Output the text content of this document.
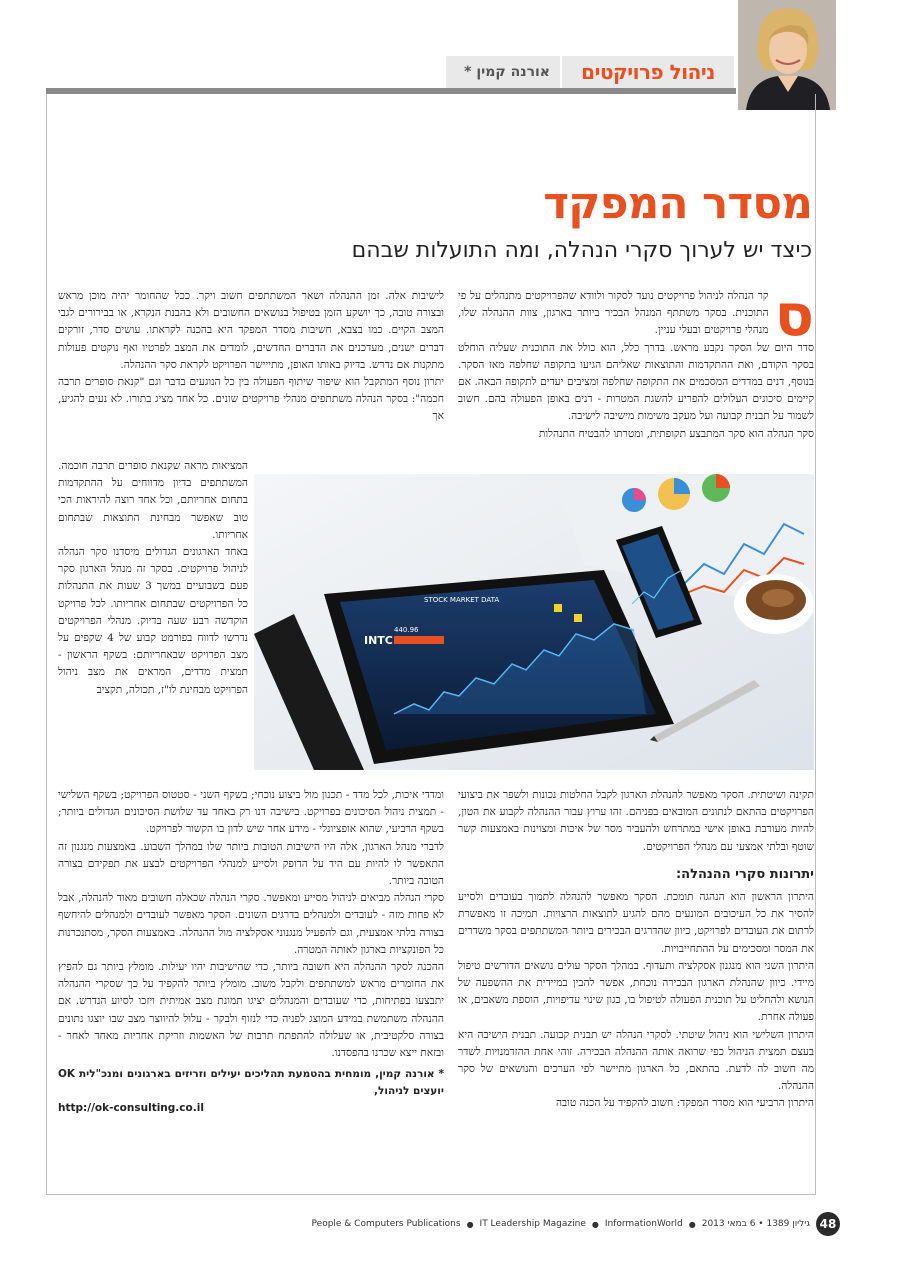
אורנה קמין * ניהול פרויקטים
מסדר המפקד
כיצד יש לערוך סקרי הנהלה, ומה התועלות שבהם

ס
קר הנהלה לניהול פרויקטים נועד לסקור ולוודא שהפרויקטים מתנהלים על פי התוכנית. בסקר משתתף המנהל הבכיר ביותר בארגון, צוות ההנהלה שלו, מנהלי פרויקטים ובעלי עניין.

סדר היום של הסקר נקבע מראש. בדרך כלל, הוא כולל את התוכנית שעליה הוחלט בסקר הקודם, ואת ההתקדמות והתוצאות שאליהם הגיעו בתקופה שחלפה מאז הסקר. בנוסף, דנים במדדים המסכמים את התקופה שחלפה ומציבים יעדים לתקופה הבאה. אם קיימים סיכונים העלולים להפריע להשגת המטרות - דנים באופן הפעולה בהם. חשוב לשמור על תבנית קבועה ועל מעקב משימות מישיבה לישיבה.

סקר הנהלה הוא סקר המתבצע תקופתית, ומטרתו להבטיח התנהלות

לישיבות אלה. זמן ההנהלה ושאר המשתתפים חשוב ויקר. ככל שהחומר יהיה מוכן מראש ובצורה טובה, כך יושקע הזמן בטיפול בנושאים החשובים ולא בהבנת הנקרא, או בבירורים לגבי המצב הקיים. כמו בצבא, חשיבות מסדר המפקד היא בהכנה לקראתו. עושים סדר, זורקים דברים ישנים, מעדכנים את הדברים החדשים, לומדים את המצב לפרטיו ואף נוקטים פעולות מתקנות אם נדרש. בדיוק באותו האופן, מתייישר הפרויקט לקראת סקר ההנהלה.

יתרון נוסף המתקבל הוא שיפור שיתוף הפעולה בין כל הנוגעים בדבר וגם "קנאת סופרים תרבה חכמה": בסקר הנהלה משתתפים מנהלי פרויקטים שונים. כל אחד מציג בתורו. לא נעים להגיע, אך

המציאות מראה שקנאת סופרים תרבה חוכמה. המשתתפים בדיון מדווחים על ההתקדמות בתחום אחריותם, וכל אחד רוצה להיראות הכי טוב שאפשר מבחינת התוצאות שבתחום אחריותו.

באחד הארגונים הגדולים מיסדנו סקר הנהלה לניהול פרויקטים. בסקר זה מנהל הארגון סקר פעם בשבועיים במשך 3 שעות את התנהלות כל הפרויקטים שבתחום אחריותו. לכל פרויקט הוקדשה רבע שעה בדיוק. מנהלי הפרויקטים נדרשו לדווח בפורמט קבוע של 4 שקפים על מצב הפרויקט שבאחריותם: בשקף הראשון - תמצית מדדים, המראים את מצב ניהול הפרויקט מבחינת לו"ז, תכולה, תקציב

STOCK MARKET DATA
INTC
440.96

תקינה ושיטתית. הסקר מאפשר להנהלת הארגון לקבל החלטות נכונות ולשפר את ביצועי הפרויקטים בהתאם לנתונים המובאים בפניהם. זהו ערוץ עבור ההנהלה לקבוע את הטון, להיות מעורבת באופן אישי במתרחש ולהעביר מסר של איכות ומצוינות באמצעות קשר שוטף ובלתי אמצעי עם מנהלי הפרויקטים.

יתרונות סקרי ההנהלה:

היתרון הראשון הוא הנהגה תומכת. הסקר מאפשר להנהלה לתמוך בעובדים ולסייע להסיר את כל העיכובים המונעים מהם להגיע לתוצאות הרצויות. תמיכה זו מאפשרת לרתום את העובדים לפרויקט, כיוון שהדרגים הבכירים ביותר המשתתפים בסקר משדרים את המסר ומסכימים על ההתחייבויות.

היתרון השני הוא מנגנון אסקלציה ותעדוף. במהלך הסקר עולים נושאים הדורשים טיפול מיידי. כיוון שהנהלת הארגון הבכירה נוכחת, אפשר להבין במיידית את ההשפעה של הנושא ולהחליט על תוכנית הפעולה לטיפול בו, כגון שינוי עדיפויות, הוספת משאבים, או פעולה אחרת.

היתרון השלישי הוא ניהול שיטתי. לסקרי הנהלה יש תבנית קבועה. תבנית הישיבה היא בעצם תמצית הניהול כפי שרואה אותה ההנהלה הבכירה. זוהי אחת ההזדמנויות לשדר מה חשוב לה לדעת. בהתאם, כל הארגון מתיישר לפי הערכים והנושאים של סקר ההנהלה.

היתרון הרביעי הוא מסדר המפקד: חשוב להקפיד על הכנה טובה

ומדדי איכות, לכל מדד - תכנון מול ביצוע נוכחי; בשקף השני - סטטוס הפרויקט; בשקף השלישי - תמצית ניהול הסיכונים בפרויקט. בישיבה דנו רק באחד עד שלושת הסיכונים הגדולים ביותר; בשקף הרביעי, שהוא אופציונלי - מידע אחר שיש לדון בו הקשור לפרויקט.

לדברי מנהל הארגון, אלה היו הישיבות הטובות ביותר שלו במהלך השבוע. באמצעות מנגנון זה התאפשר לו להיות עם היד על הדופק ולסייע למנהלי הפרויקטים לבצע את תפקידם בצורה הטובה ביותר.

סקרי הנהלה מביאים לניהול מסייע ומאפשר. סקרי הנהלה שכאלה חשובים מאוד להנהלה, אבל לא פחות מזה - לעובדים ולמנהלים בדרגים השונים. הסקר מאפשר לעובדים ולמנהלים להיחשף בצורה בלתי אמצעית, וגם להפעיל מנגנוני אסקלציה מול ההנהלה. באמצעות הסקר, מסתנכרנות כל הפונקציות בארגון לאותה המטרה.

ההכנה לסקר ההנהלה היא חשובה ביותר, כדי שהישיבות יהיו יעילות. מומלץ ביותר גם להפיץ את החומרים מראש למשתתפים ולקבל משוב. מומלץ ביותר להקפיד על כך שסקרי ההנהלה יתבצעו בפתיחות, כדי שעובדים והמנהלים יציגו תמונת מצב אמיתית ויזכו לסיוע הנדרש. אם ההנהלה משתמשת במידע המוצג לפניה כדי לנזוף ולבקר - עלול להיווצר מצב שבו יוצגו נתונים בצורה סלקטיבית, או שעלולה להתפתח תרבות של האשמות וזריקת אחריות מאחד לאחר - ובזאת ייצא שכרנו בהפסדנו.

* אורנה קמין, מומחית בהטמעת תהליכים יעילים וזריזים בארגונים ומנכ"לית OK יועצים לניהול,
http://ok-consulting.co.il
People & Computers Publications ● IT Leadership Magazine ● InformationWorld ● גיליון 1389 • 6 במאי 2013 48
